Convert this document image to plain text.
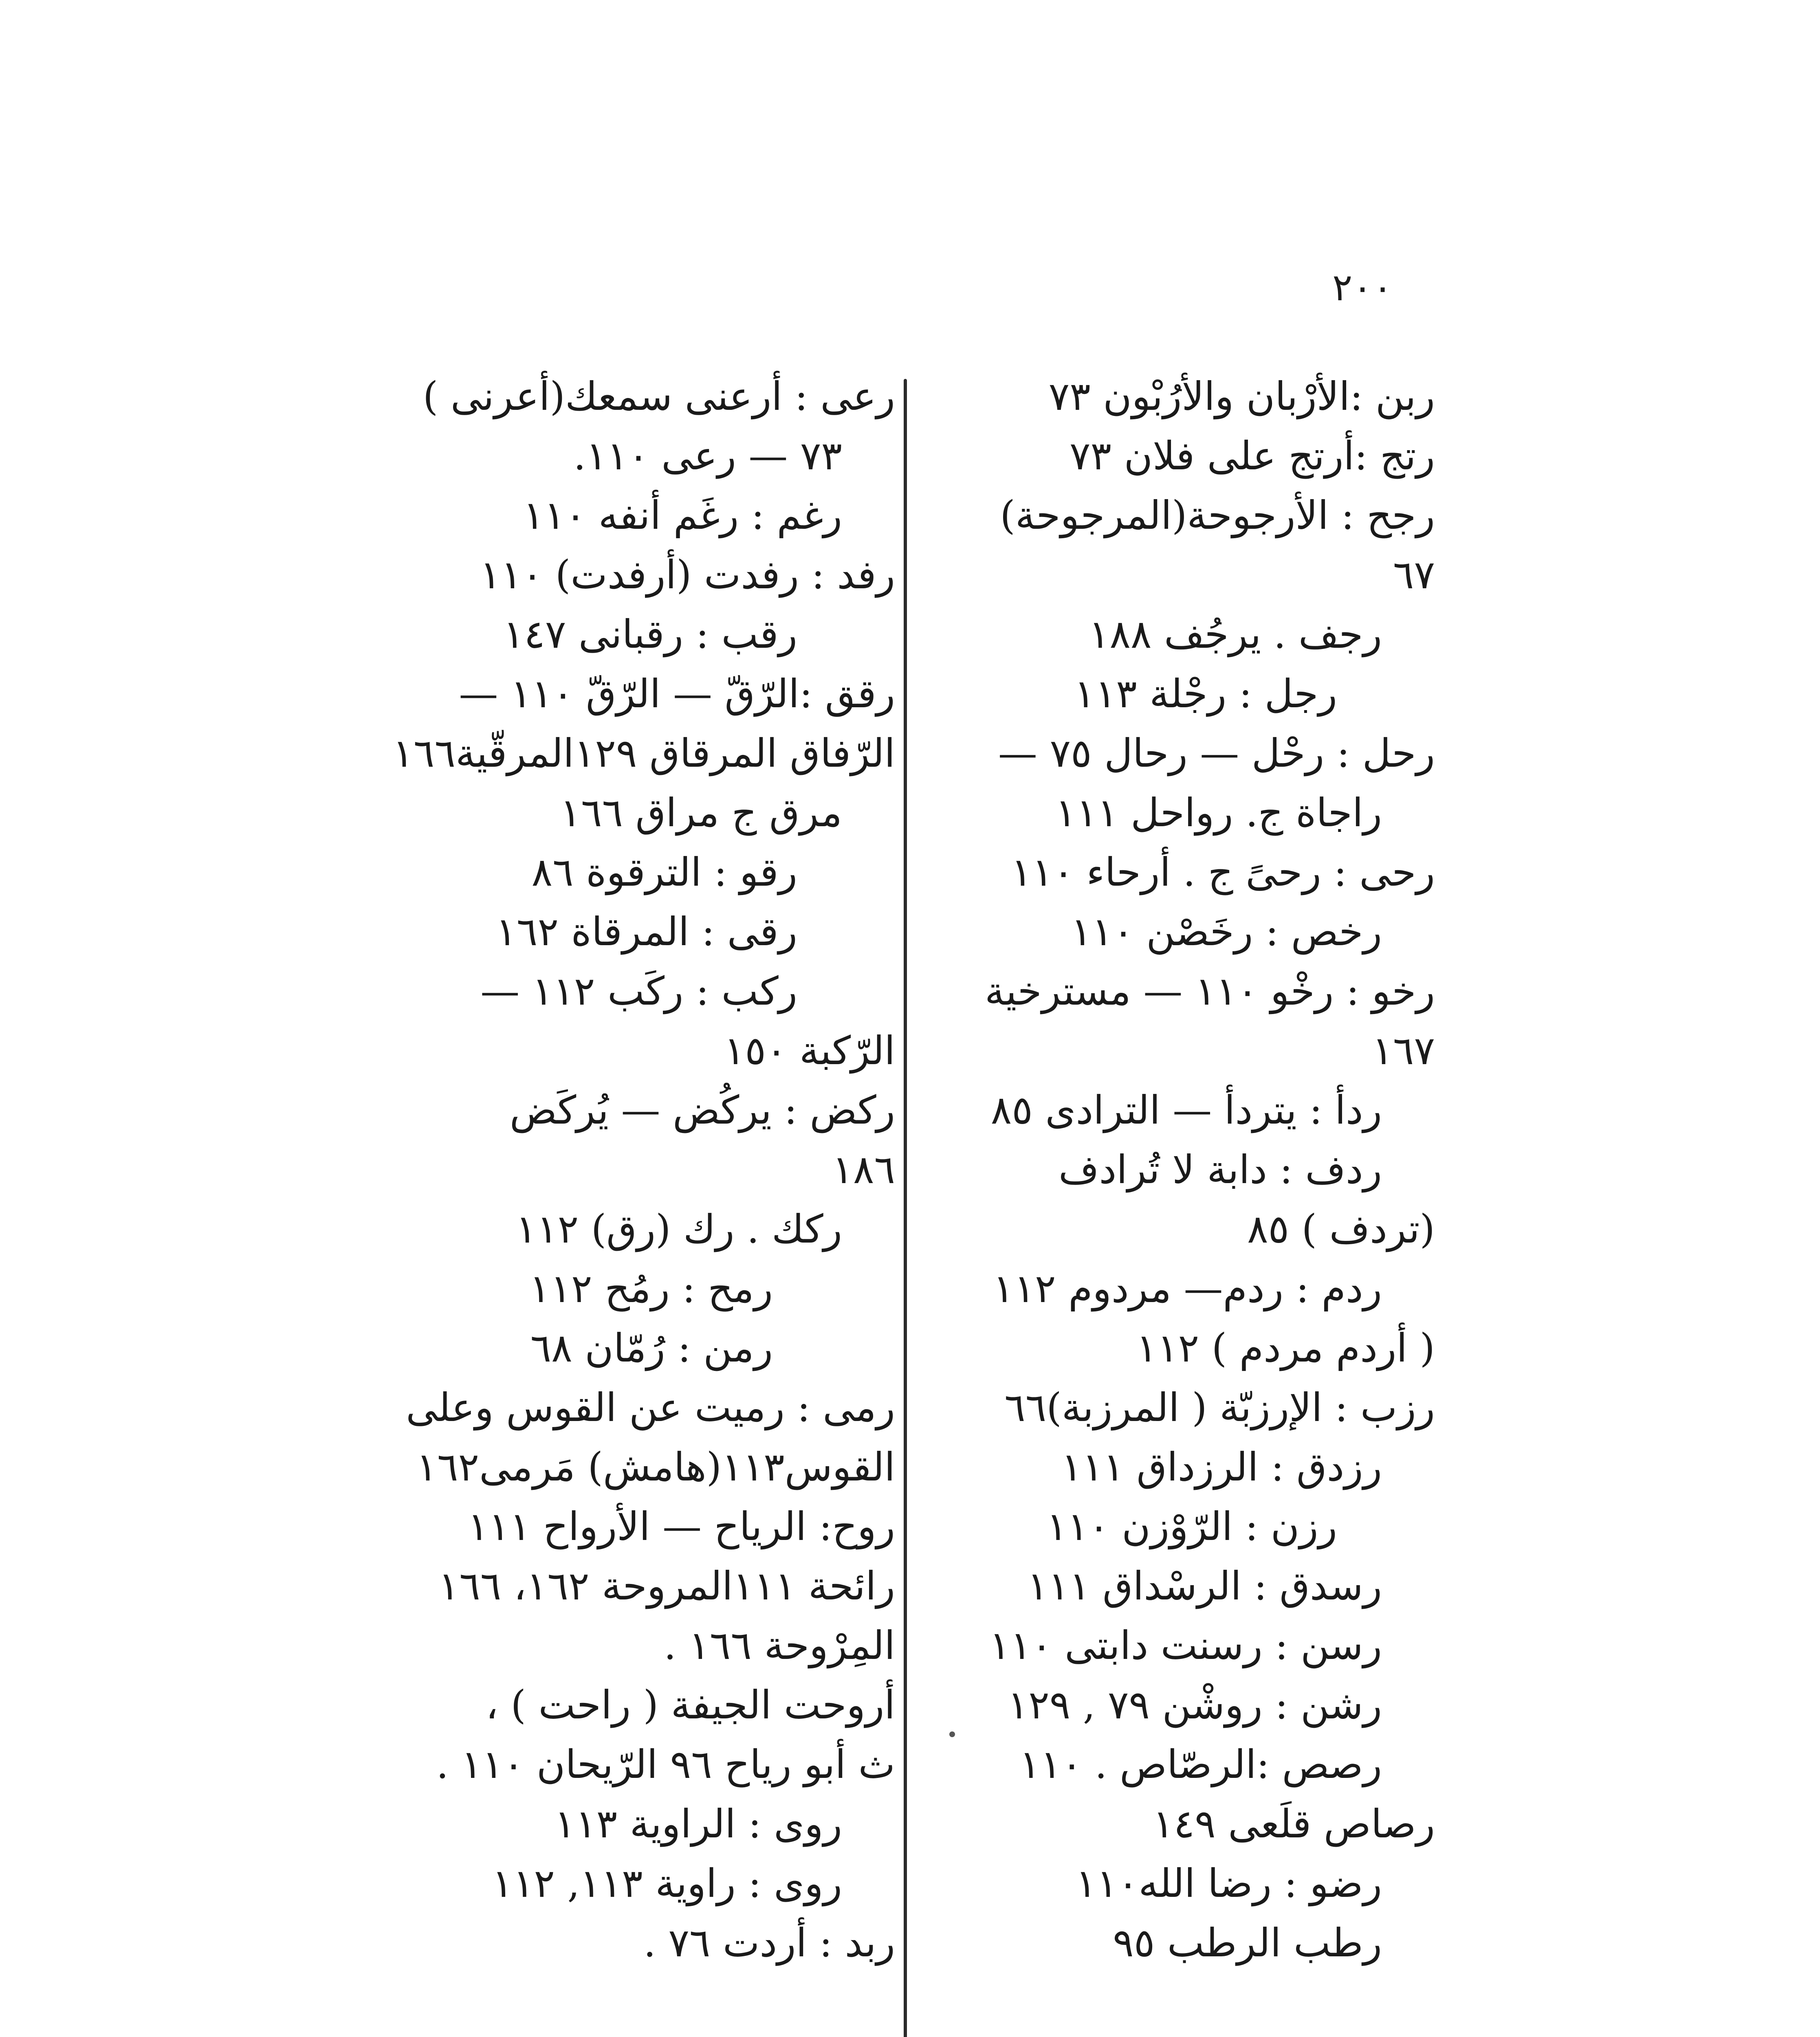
٢٠٠
ربن :الأرْبان والأرُبْون ٧٣
رتج :أرتج على فلان ٧٣
رجح : الأرجوحة(المرجوحة)
٦٧
رجف . يرجُف ١٨٨
رجل : رجْلة ١١٣
رحل : رحْل — رحال ٧٥ —
راجاة ج. رواحل ١١١
رحى : رحىً ج . أرحاء ١١٠
رخص : رخَصْن ١١٠
رخو : رخْو ١١٠ — مسترخية
١٦٧
ردأ : يتردأ — الترادى ٨٥
ردف : دابة لا تُرادف
(تردف ) ٨٥
ردم : ردم— مردوم ١١٢
( أردم مردم ) ١١٢
رزب : الإرزبّة ( المرزبة)٦٦
رزدق : الرزداق ١١١
رزن : الرّوْزن ١١٠
رسدق : الرسْداق ١١١
رسن : رسنت دابتى ١١٠
رشن : روشْن ٧٩ , ١٢٩
رصص :الرصّاص . ١١٠
رصاص قلَعى ١٤٩
رضو : رضا الله١١٠
رطب الرطب ٩٥
رعى : أرعنى سمعك(أعرنى )
٧٣ — رعى ١١٠.
رغم : رغَم أنفه ١١٠
رفد : رفدت (أرفدت) ١١٠
رقب : رقبانى ١٤٧
رقق :الرّقّ — الرّقّ ١١٠ —
الرّفاق المرقاق ١٢٩المرقّية١٦٦
مرق ج مراق ١٦٦
رقو : الترقوة ٨٦
رقى : المرقاة ١٦٢
ركب : ركَب ١١٢ —
الرّكبة ١٥٠
ركض : يركُض — يُركَض
١٨٦
ركك . رك (رق) ١١٢
رمح : رمُح ١١٢
رمن : رُمّان ٦٨
رمى : رميت عن القوس وعلى
القوس١١٣(هامش) مَرمى١٦٢
روح: الرياح — الأرواح ١١١
رائحة ١١١المروحة ١٦٢، ١٦٦
المِرْوحة ١٦٦ .
أروحت الجيفة ( راحت ) ،
ث أبو رياح ٩٦ الرّيحان ١١٠ .
روى : الراوية ١١٣
روى : راوية ١١٣, ١١٢
ربد : أردت ٧٦ .
